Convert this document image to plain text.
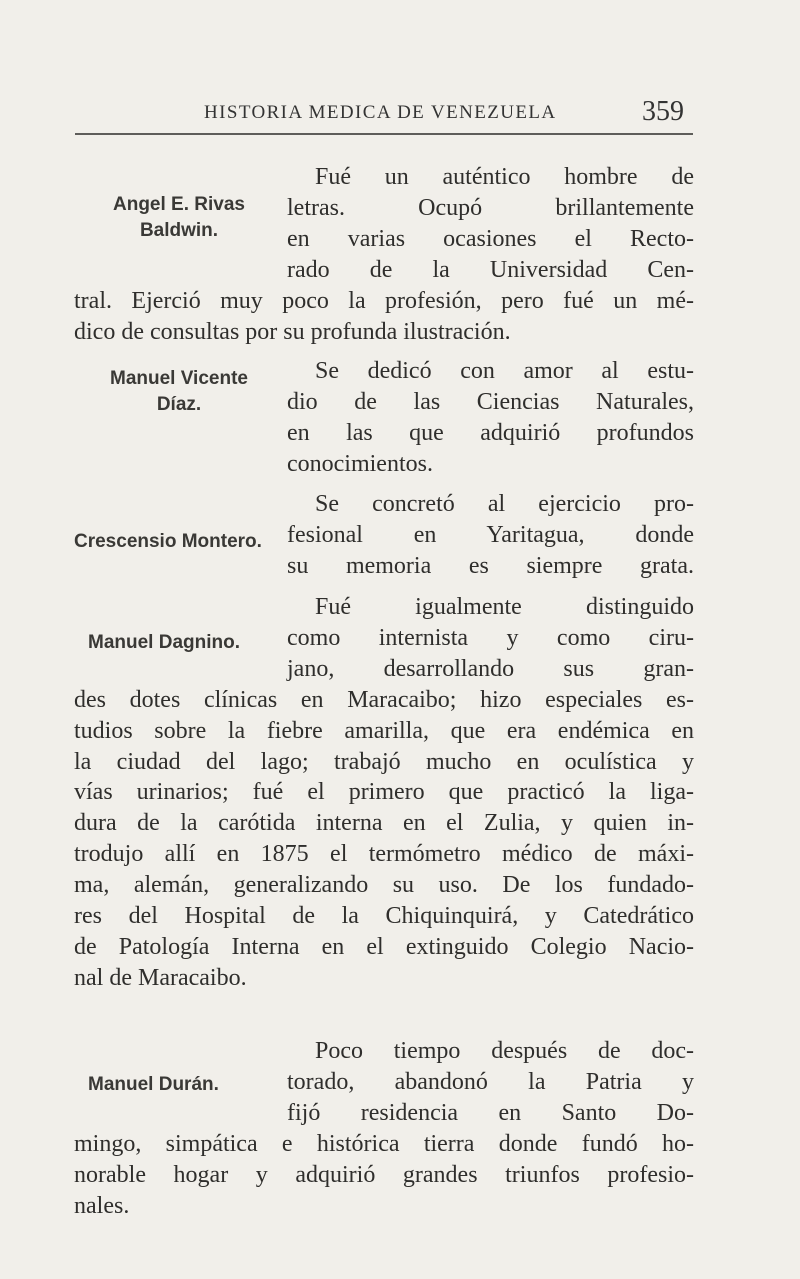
HISTORIA MEDICA DE VENEZUELA	359
Angel E. Rivas
Baldwin.
Fué un auténtico hombre de
letras. Ocupó brillantemente
en varias ocasiones el Recto-
rado de la Universidad Cen-
tral. Ejerció muy poco la profesión, pero fué un mé-
dico de consultas por su profunda ilustración.
Manuel Vicente
Díaz.
Se dedicó con amor al estu-
dio de las Ciencias Naturales,
en las que adquirió profundos
conocimientos.
Crescensio Montero.
Se concretó al ejercicio pro-
fesional en Yaritagua, donde
su memoria es siempre grata.
Manuel Dagnino.
Fué igualmente distinguido
como internista y como ciru-
jano, desarrollando sus gran-
des dotes clínicas en Maracaibo; hizo especiales es-
tudios sobre la fiebre amarilla, que era endémica en
la ciudad del lago; trabajó mucho en oculística y
vías urinarios; fué el primero que practicó la liga-
dura de la carótida interna en el Zulia, y quien in-
trodujo allí en 1875 el termómetro médico de máxi-
ma, alemán, generalizando su uso. De los fundado-
res del Hospital de la Chiquinquirá, y Catedrático
de Patología Interna en el extinguido Colegio Nacio-
nal de Maracaibo.
Manuel Durán.
Poco tiempo después de doc-
torado, abandonó la Patria y
fijó residencia en Santo Do-
mingo, simpática e histórica tierra donde fundó ho-
norable hogar y adquirió grandes triunfos profesio-
nales.
